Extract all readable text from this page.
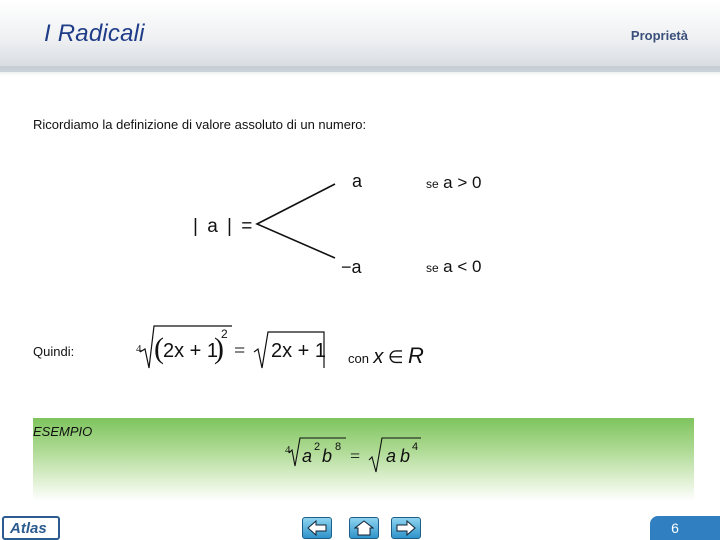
I Radicali	Proprietà
Ricordiamo la definizione di valore assoluto di un numero:
| a | =
a	se a > 0
−a	se a < 0
Quindi:	con x ∈ R
ESEMPIO
4 ( 2x + 1
)
2
= 2x + 1
4 a 2 b 8 = a b 4
Atlas	6
